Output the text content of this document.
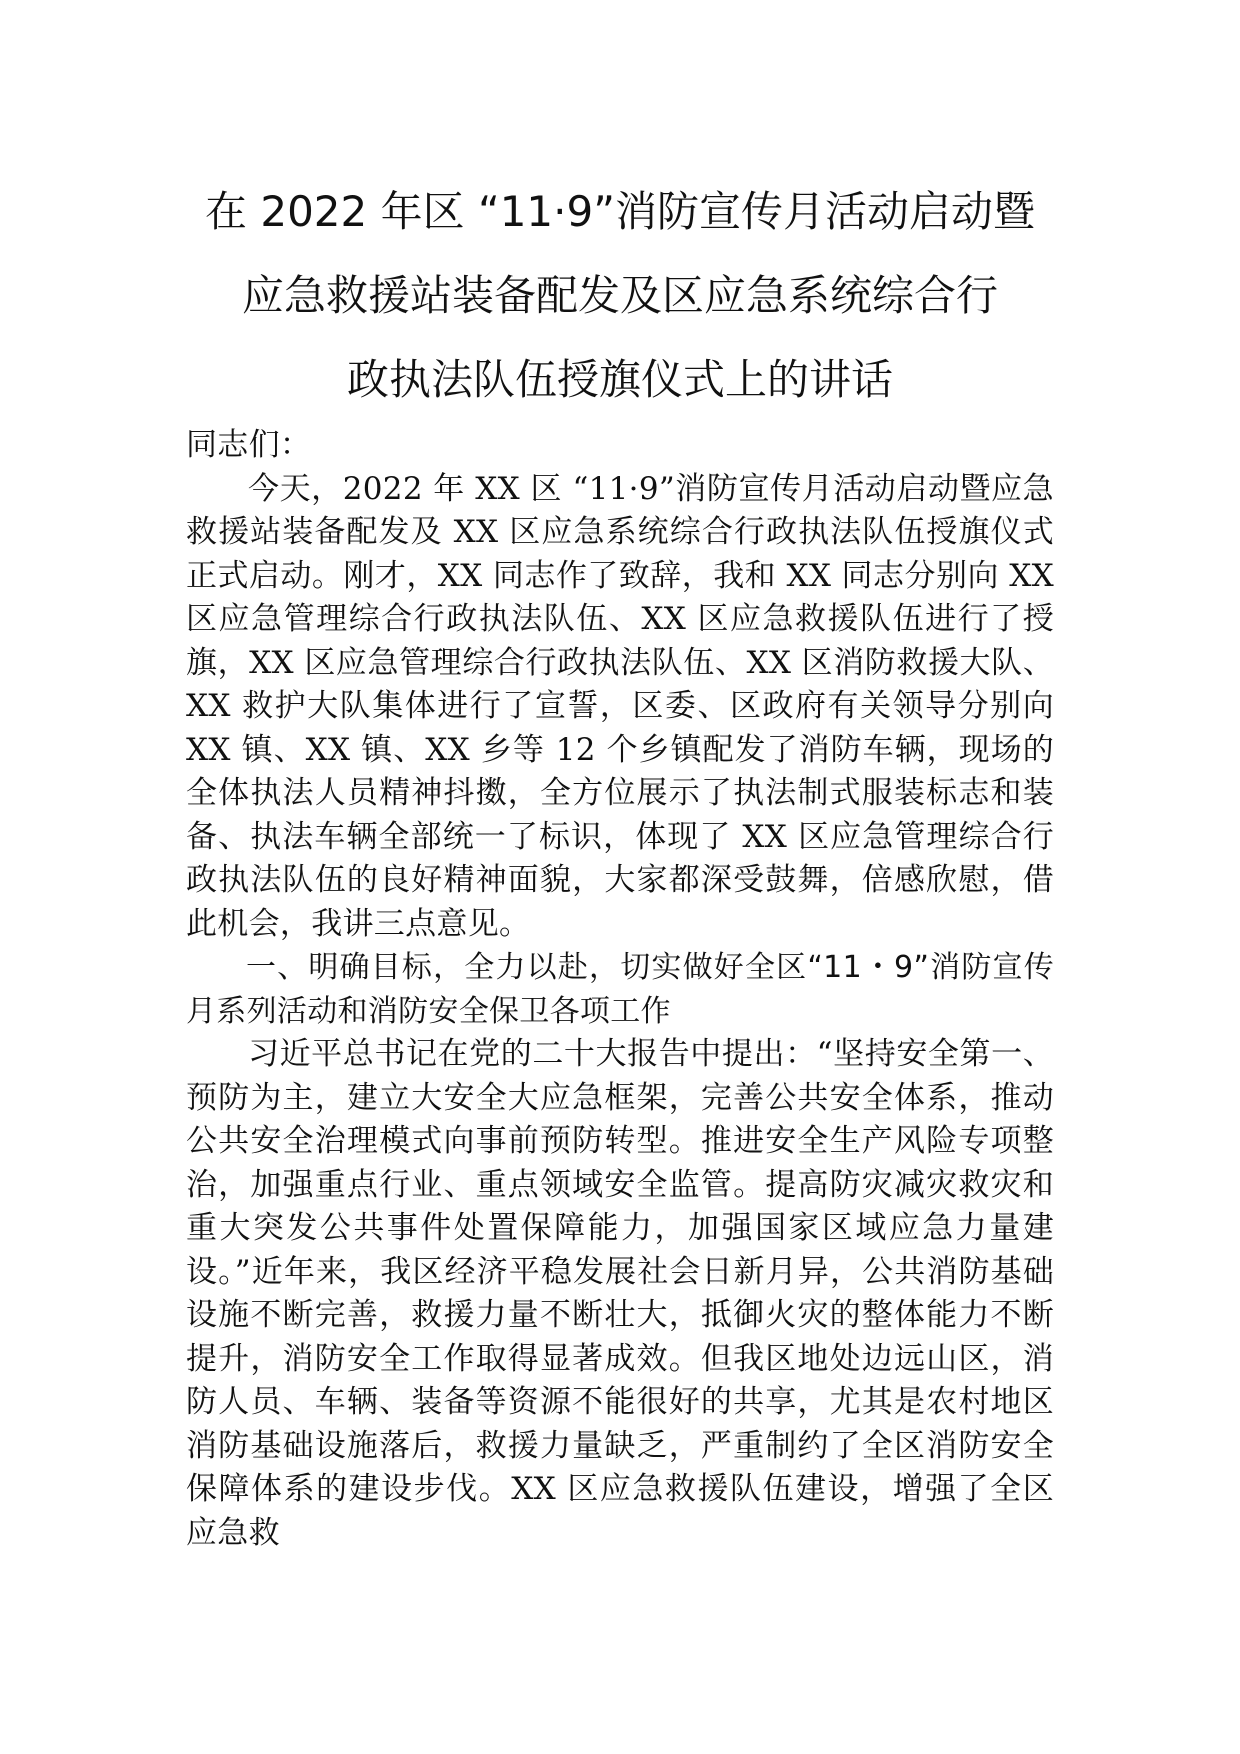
在 2022 年区 “11·9”消防宣传月活动启动暨
应急救援站装备配发及区应急系统综合行
政执法队伍授旗仪式上的讲话

同志们：

今天，2022 年 XX 区 “11·9”消防宣传月活动启动暨应急救援站装备配发及 XX 区应急系统综合行政执法队伍授旗仪式正式启动。刚才，XX 同志作了致辞，我和 XX 同志分别向 XX 区应急管理综合行政执法队伍、XX 区应急救援队伍进行了授旗，XX 区应急管理综合行政执法队伍、XX 区消防救援大队、XX 救护大队集体进行了宣誓，区委、区政府有关领导分别向 XX 镇、XX 镇、XX 乡等 12 个乡镇配发了消防车辆，现场的全体执法人员精神抖擞，全方位展示了执法制式服装标志和装备、执法车辆全部统一了标识，体现了 XX 区应急管理综合行政执法队伍的良好精神面貌，大家都深受鼓舞，倍感欣慰，借此机会，我讲三点意见。

一、明确目标，全力以赴，切实做好全区“11・9”消防宣传月系列活动和消防安全保卫各项工作

习近平总书记在党的二十大报告中提出：“坚持安全第一、预防为主，建立大安全大应急框架，完善公共安全体系，推动公共安全治理模式向事前预防转型。推进安全生产风险专项整治，加强重点行业、重点领域安全监管。提高防灾减灾救灾和重大突发公共事件处置保障能力，加强国家区域应急力量建设。”近年来，我区经济平稳发展社会日新月异，公共消防基础设施不断完善，救援力量不断壮大，抵御火灾的整体能力不断提升，消防安全工作取得显著成效。但我区地处边远山区，消防人员、车辆、装备等资源不能很好的共享，尤其是农村地区消防基础设施落后，救援力量缺乏，严重制约了全区消防安全保障体系的建设步伐。XX 区应急救援队伍建设，增强了全区应急救
